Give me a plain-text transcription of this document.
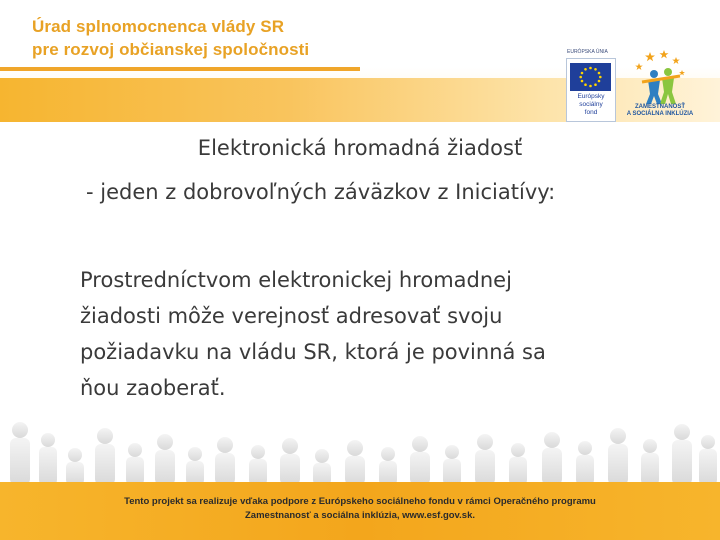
Úrad splnomocnenca vlády SR
pre rozvoj občianskej spoločnosti	EURÓPSKA ÚNIA
Európsky
sociálny
fond
ZAMESTNANOSŤ
A SOCIÁLNA INKLÚZIA
Elektronická hromadná žiadosť
- jeden z dobrovoľných záväzkov z Iniciatívy:
Prostredníctvom elektronickej hromadnej
žiadosti môže verejnosť adresovať svoju
požiadavku na vládu SR, ktorá je povinná sa
ňou zaoberať.
Tento projekt sa realizuje vďaka podpore z Európskeho sociálneho fondu v rámci Operačného programu
Zamestnanosť a sociálna inklúzia, www.esf.gov.sk.
